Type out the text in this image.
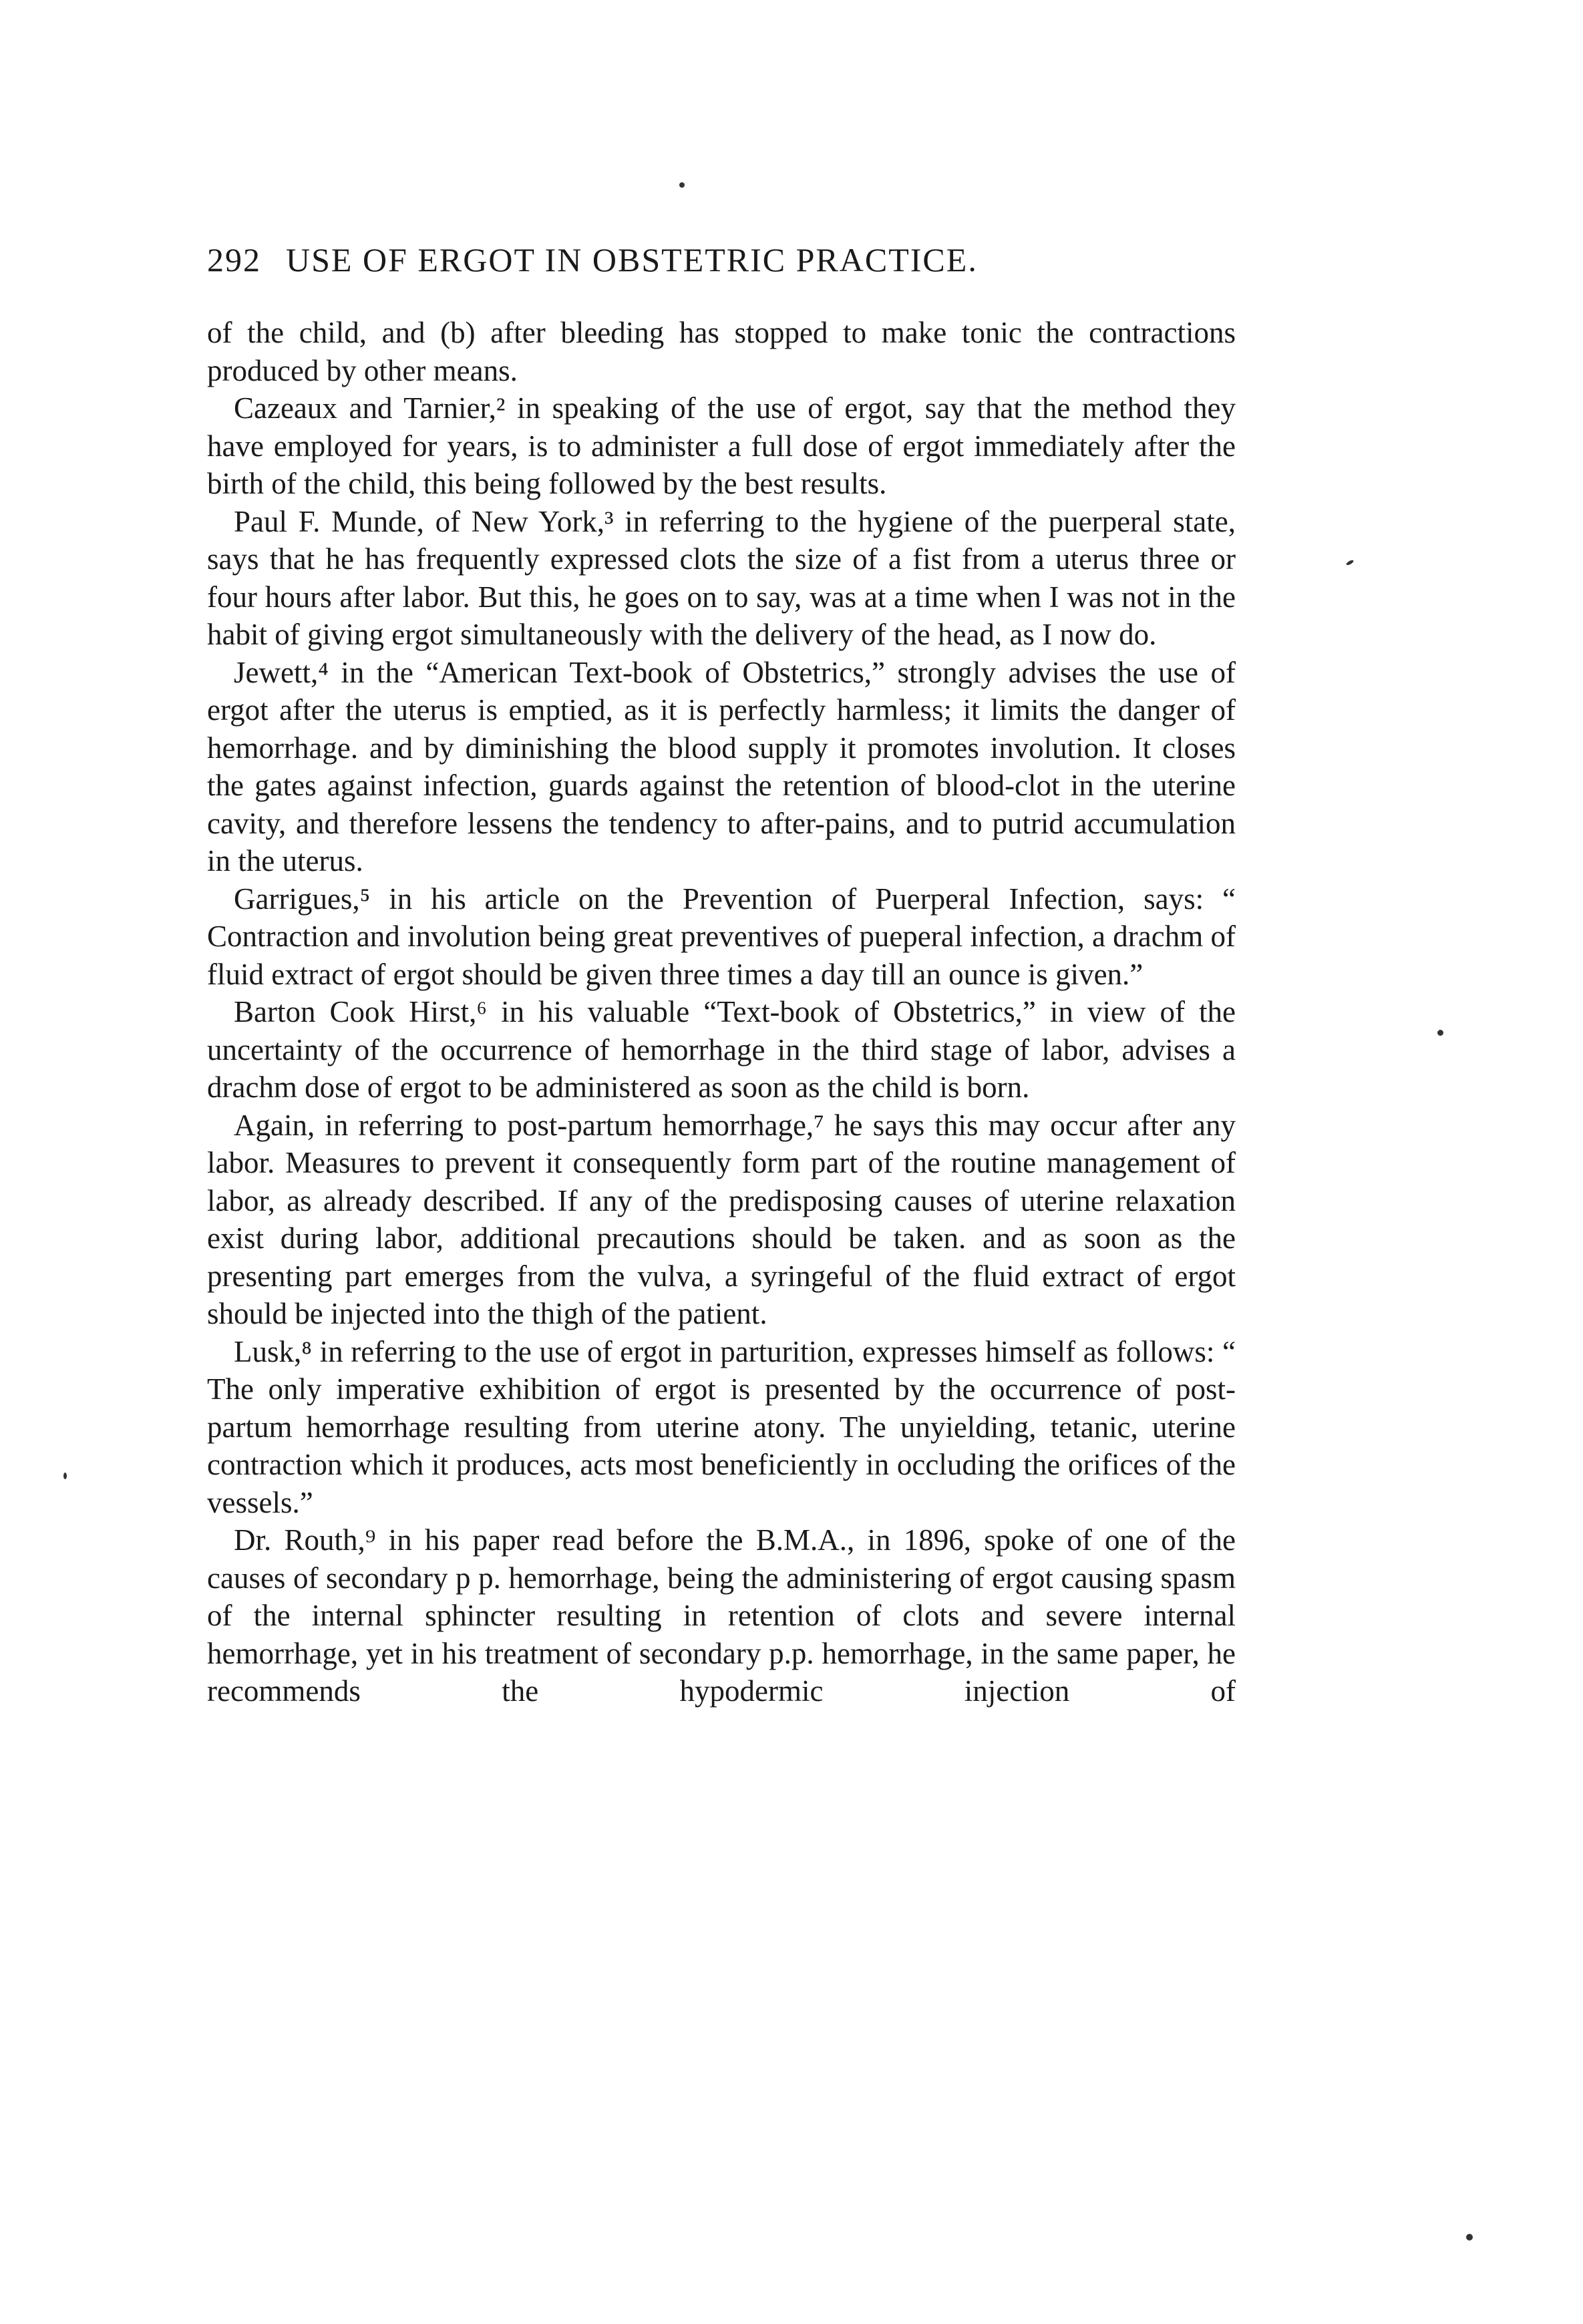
292 USE OF ERGOT IN OBSTETRIC PRACTICE.

of the child, and (b) after bleeding has stopped to make tonic the contractions produced by other means.

Cazeaux and Tarnier,² in speaking of the use of ergot, say that the method they have employed for years, is to administer a full dose of ergot immediately after the birth of the child, this being followed by the best results.

Paul F. Munde, of New York,³ in referring to the hygiene of the puerperal state, says that he has frequently expressed clots the size of a fist from a uterus three or four hours after labor. But this, he goes on to say, was at a time when I was not in the habit of giving ergot simultaneously with the delivery of the head, as I now do.

Jewett,⁴ in the “American Text-book of Obstetrics,” strongly advises the use of ergot after the uterus is emptied, as it is perfectly harmless; it limits the danger of hemorrhage. and by diminishing the blood supply it promotes involution. It closes the gates against infection, guards against the retention of blood-clot in the uterine cavity, and therefore lessens the tendency to after-pains, and to putrid accumulation in the uterus.

Garrigues,⁵ in his article on the Prevention of Puerperal Infection, says: “ Contraction and involution being great preventives of pueperal infection, a drachm of fluid extract of ergot should be given three times a day till an ounce is given.”

Barton Cook Hirst,⁶ in his valuable “Text-book of Obstetrics,” in view of the uncertainty of the occurrence of hemorrhage in the third stage of labor, advises a drachm dose of ergot to be administered as soon as the child is born.

Again, in referring to post-partum hemorrhage,⁷ he says this may occur after any labor. Measures to prevent it consequently form part of the routine management of labor, as already described. If any of the predisposing causes of uterine relaxation exist during labor, additional precautions should be taken. and as soon as the presenting part emerges from the vulva, a syringeful of the fluid extract of ergot should be injected into the thigh of the patient.

Lusk,⁸ in referring to the use of ergot in parturition, expresses himself as follows: “ The only imperative exhibition of ergot is presented by the occurrence of post-partum hemorrhage resulting from uterine atony. The unyielding, tetanic, uterine contraction which it produces, acts most beneficiently in occluding the orifices of the vessels.”

Dr. Routh,⁹ in his paper read before the B.M.A., in 1896, spoke of one of the causes of secondary p p. hemorrhage, being the administering of ergot causing spasm of the internal sphincter resulting in retention of clots and severe internal hemorrhage, yet in his treatment of secondary p.p. hemorrhage, in the same paper, he recommends the hypodermic injection of
